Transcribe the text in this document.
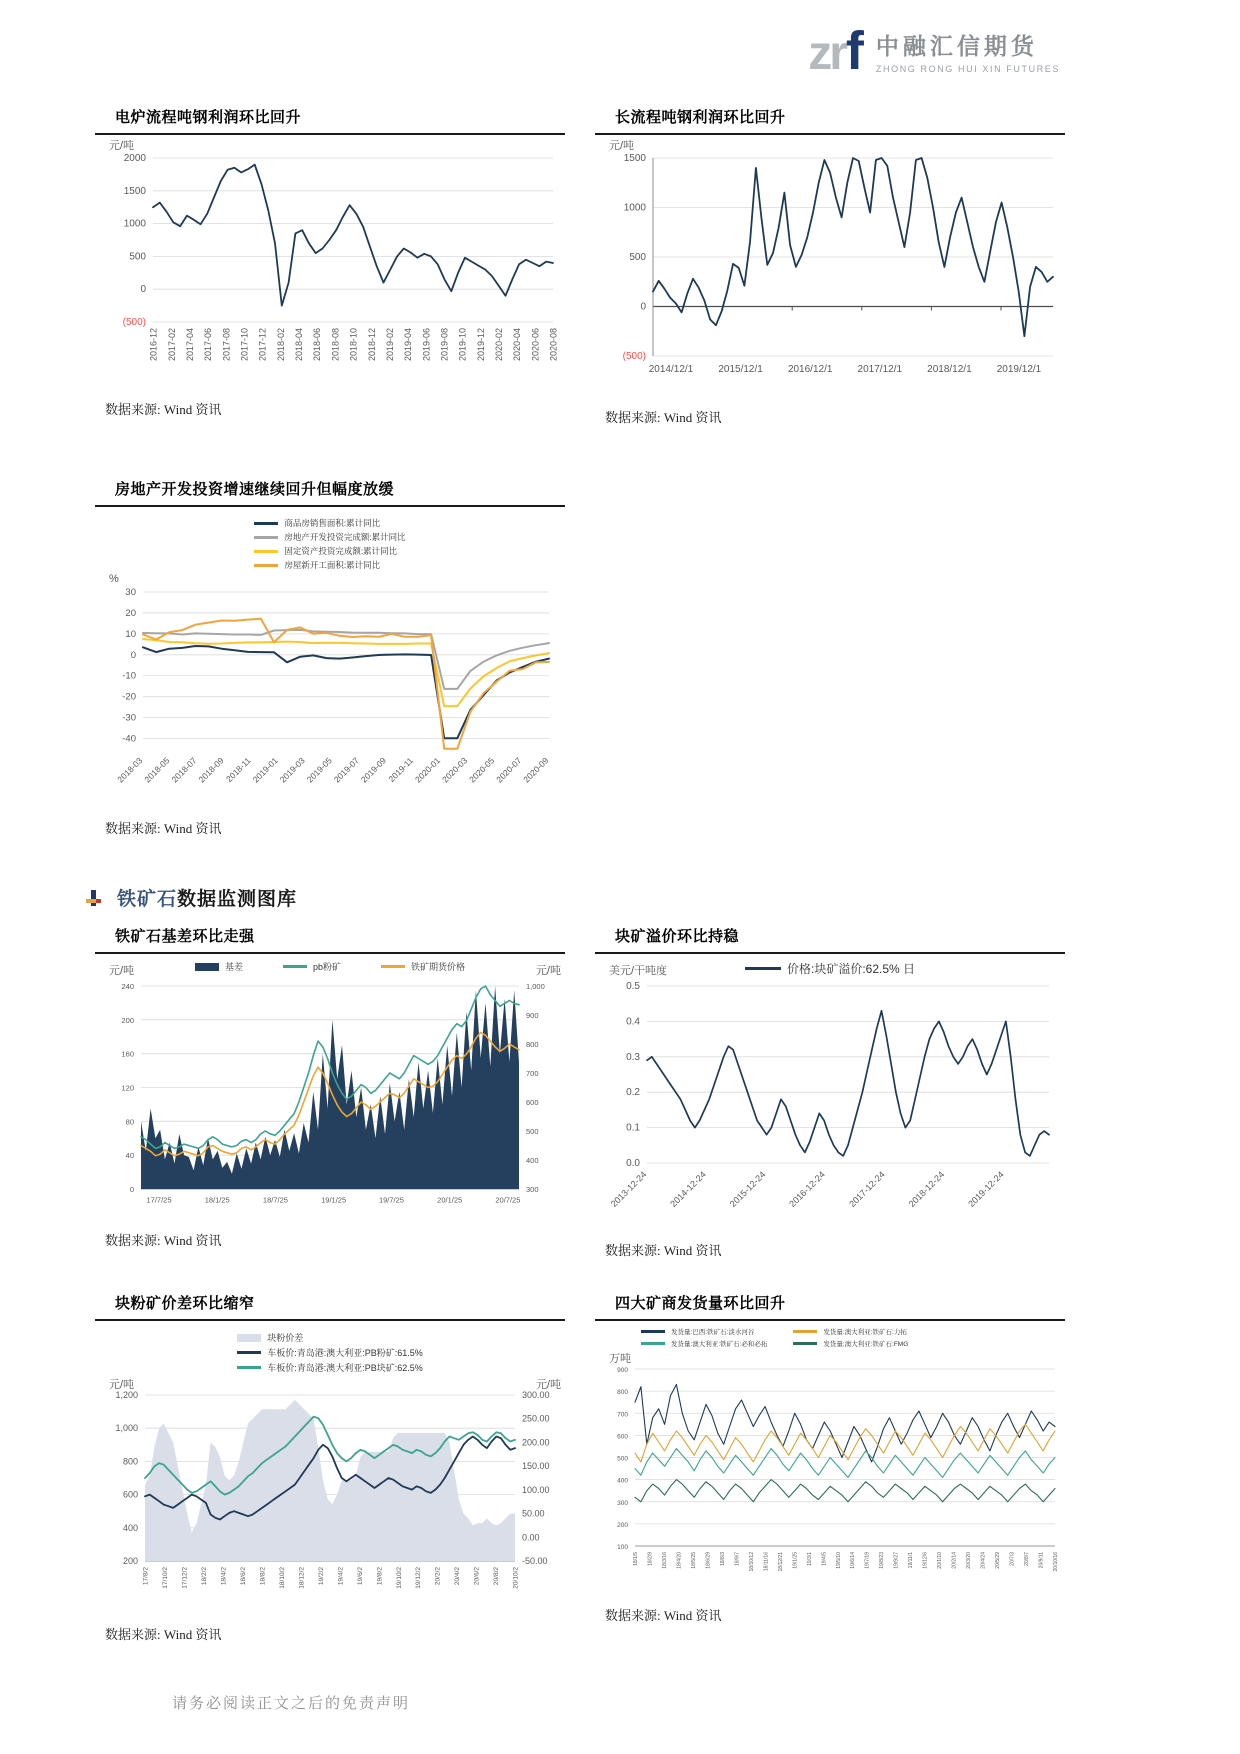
zr f 中融汇信期货
ZHONG RONG HUI XIN FUTURES
铁矿石数据监测图库
电炉流程吨钢利润环比回升
元/吨
2000
1500
1000
500
0
(500)
2016-12 2017-02 2017-04 2017-06 2017-08 2017-10 2017-12 2018-02 2018-04 2018-06 2018-08 2018-10 2018-12 2019-02 2019-04 2019-06 2019-08 2019-10 2019-12 2020-02 2020-04 2020-06 2020-08
数据来源: Wind 资讯
长流程吨钢利润环比回升
元/吨
1500
1000
500
0
(500)
2014/12/1	2015/12/1	2016/12/1	2017/12/1	2018/12/1	2019/12/1
数据来源: Wind 资讯
房地产开发投资增速继续回升但幅度放缓
商品房销售面积:累计同比
房地产开发投资完成额:累计同比
固定资产投资完成额:累计同比
房屋新开工面积:累计同比
%
30
20
10
0
-10
-20
-30
-40
2018-03
2018-05
2018-07
2018-09
2018-11
2019-01
2019-03
2019-05
2019-07
2019-09
2019-11
2020-01
2020-03
2020-05
2020-07
2020-09
数据来源: Wind 资讯
铁矿石基差环比走强
元/吨	元/吨
基差	pb粉矿	铁矿期货价格
240
200
160
120
80
40
0
1,000
900
800
700
600
500
400
300
17/7/25	18/1/25	18/7/25	19/1/25	19/7/25	20/1/25	20/7/25
数据来源: Wind 资讯
块矿溢价环比持稳
美元/干吨度	价格:块矿溢价:62.5% 日
0.5
0.4
0.3
0.2
0.1
0.0
2013-12-24 2014-12-24 2015-12-24 2016-12-24 2017-12-24 2018-12-24 2019-12-24
数据来源: Wind 资讯
块粉矿价差环比缩窄
块粉价差
车板价:青岛港:澳大利亚:PB粉矿:61.5%
车板价:青岛港:澳大利亚:PB块矿:62.5%
元/吨	元/吨
1,200
1,000
800
600
400
200
300.00
250.00
200.00
150.00
100.00
50.00
0.00
-50.00
17/8/2 17/10/2 17/12/2 18/2/2 18/4/2 18/6/2 18/8/2 18/10/2 18/12/2 19/2/2 19/4/2 19/6/2 19/8/2 19/10/2 19/12/2 20/2/2 20/4/2 20/6/2 20/8/2 20/10/2
数据来源: Wind 资讯
四大矿商发货量环比回升
发货量:巴西:铁矿石:淡水河谷	发货量:澳大利亚:铁矿石:力拓
发货量:澳大利亚:铁矿石:必和必拓	发货量:澳大利亚:铁矿石:FMG
万吨
900
800
700
600
500
400
300
200
100
18/1/5 18/2/9 18/3/16 18/4/20 18/5/25 18/6/29 18/8/3 18/9/7 18/10/12 18/11/16 18/12/21 19/1/25 19/3/1 19/4/5 19/5/10 19/6/14 19/7/19 19/8/23 19/9/27 19/11/1 19/12/6 20/1/10 20/2/14 20/3/20 20/4/24 20/5/29 20/7/3 20/8/7 20/9/11 20/10/16
数据来源: Wind 资讯
请务必阅读正文之后的免责声明
